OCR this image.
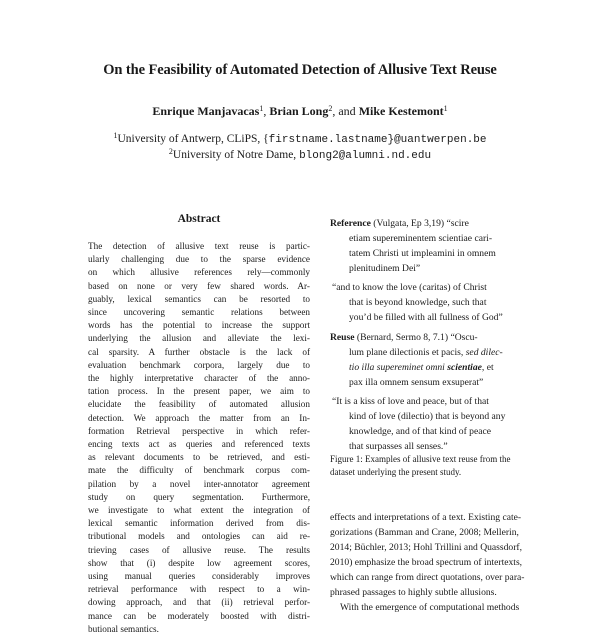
On the Feasibility of Automated Detection of Allusive Text Reuse
Enrique Manjavacas$^1$, Brian Long$^2$, and Mike Kestemont$^1$
$^1$University of Antwerp, CLiPS, {firstname.lastname}@uantwerpen.be
$^2$University of Notre Dame, blong2@alumni.nd.edu
Abstract
The detection of allusive text reuse is partic-
ularly challenging due to the sparse evidence
on which allusive references rely—commonly
based on none or very few shared words. Ar-
guably, lexical semantics can be resorted to
since uncovering semantic relations between
words has the potential to increase the support
underlying the allusion and alleviate the lexi-
cal sparsity. A further obstacle is the lack of
evaluation benchmark corpora, largely due to
the highly interpretative character of the anno-
tation process. In the present paper, we aim to
elucidate the feasibility of automated allusion
detection. We approach the matter from an In-
formation Retrieval perspective in which refer-
encing texts act as queries and referenced texts
as relevant documents to be retrieved, and esti-
mate the difficulty of benchmark corpus com-
pilation by a novel inter-annotator agreement
study on query segmentation. Furthermore,
we investigate to what extent the integration of
lexical semantic information derived from dis-
tributional models and ontologies can aid re-
trieving cases of allusive reuse. The results
show that (i) despite low agreement scores,
using manual queries considerably improves
retrieval performance with respect to a win-
dowing approach, and that (ii) retrieval perfor-
mance can be moderately boosted with distri-
butional semantics.
Reference (Vulgata, Ep 3,19) “scire
etiam supereminentem scientiae cari-
tatem Christi ut impleamini in omnem
plenitudinem Dei”
“and to know the love (caritas) of Christ
that is beyond knowledge, such that
you’d be filled with all fullness of God”
Reuse (Bernard, Sermo 8, 7.1) “Oscu-
lum plane dilectionis et pacis, sed dilec-
tio illa supereminet omni scientiae, et
pax illa omnem sensum exsuperat”
“It is a kiss of love and peace, but of that
kind of love (dilectio) that is beyond any
knowledge, and of that kind of peace
that surpasses all senses.”
Figure 1: Examples of allusive text reuse from the
dataset underlying the present study.
effects and interpretations of a text. Existing cate-
gorizations (Bamman and Crane, 2008; Mellerin,
2014; Büchler, 2013; Hohl Trillini and Quassdorf,
2010) emphasize the broad spectrum of intertexts,
which can range from direct quotations, over para-
phrased passages to highly subtle allusions.
With the emergence of computational methods
